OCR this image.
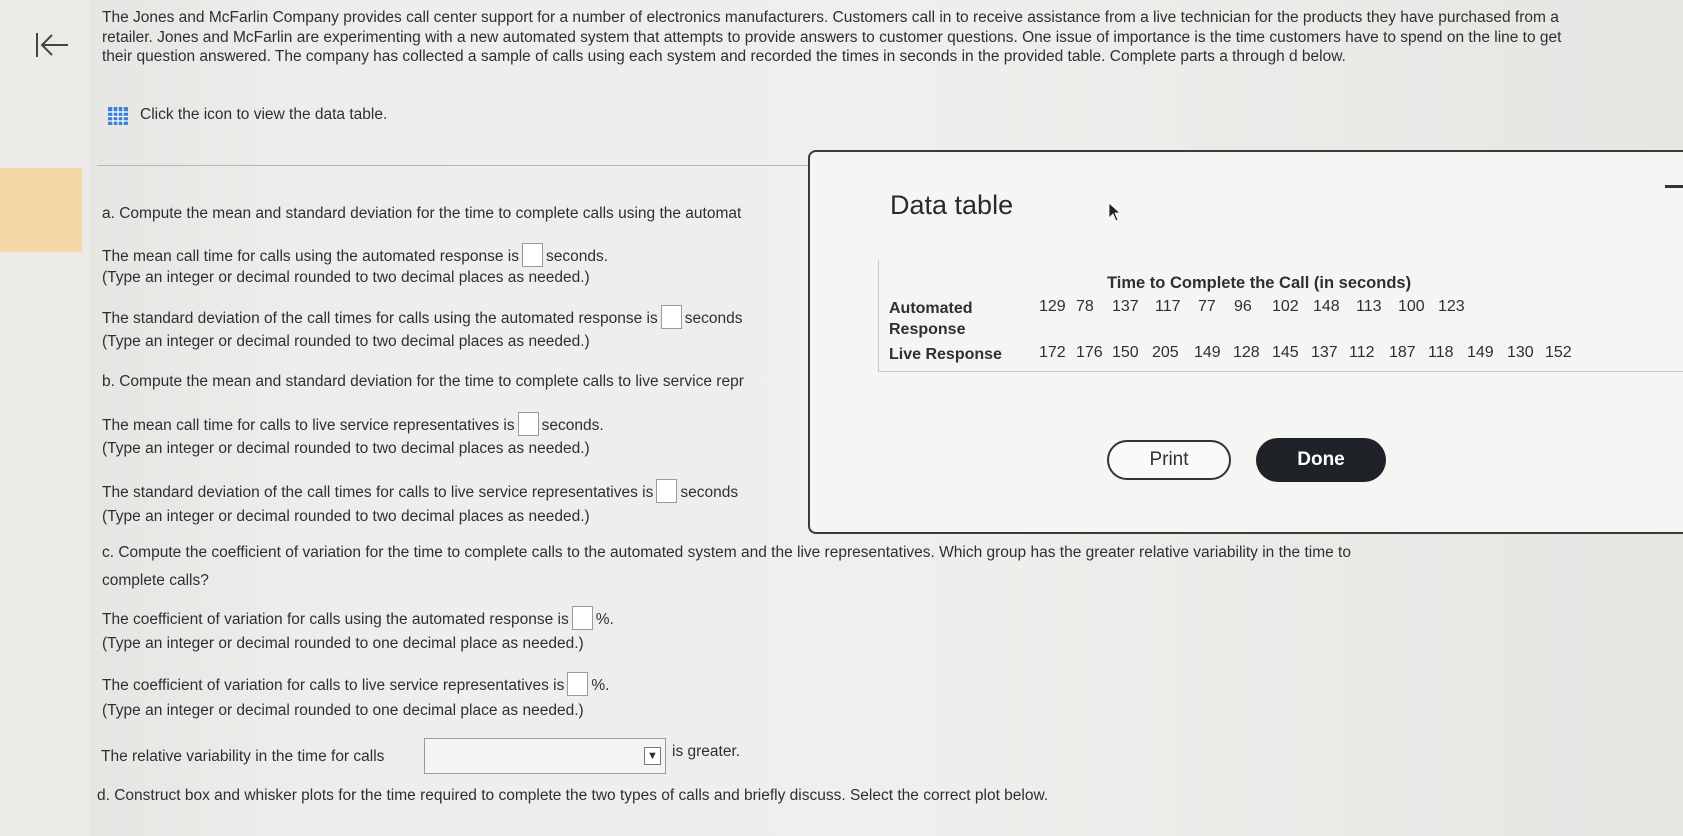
The Jones and McFarlin Company provides call center support for a number of electronics manufacturers. Customers call in to receive assistance from a live technician for the products they have purchased from a retailer. Jones and McFarlin are experimenting with a new automated system that attempts to provide answers to customer questions. One issue of importance is the time customers have to spend on the line to get their question answered. The company has collected a sample of calls using each system and recorded the times in seconds in the provided table. Complete parts a through d below.
Click the icon to view the data table.
a. Compute the mean and standard deviation for the time to complete calls using the automat
The mean call time for calls using the automated response is seconds.
(Type an integer or decimal rounded to two decimal places as needed.)
The standard deviation of the call times for calls using the automated response is seconds
(Type an integer or decimal rounded to two decimal places as needed.)
b. Compute the mean and standard deviation for the time to complete calls to live service repr
The mean call time for calls to live service representatives is seconds.
(Type an integer or decimal rounded to two decimal places as needed.)
The standard deviation of the call times for calls to live service representatives is seconds
(Type an integer or decimal rounded to two decimal places as needed.)
c. Compute the coefficient of variation for the time to complete calls to the automated system and the live representatives. Which group has the greater relative variability in the time to
complete calls?
The coefficient of variation for calls using the automated response is %.
(Type an integer or decimal rounded to one decimal place as needed.)
The coefficient of variation for calls to live service representatives is %.
(Type an integer or decimal rounded to one decimal place as needed.)
The relative variability in the time for calls	▼ is greater.
d. Construct box and whisker plots for the time required to complete the two types of calls and briefly discuss. Select the correct plot below.
Data table
Time to Complete the Call (in seconds)
Automated
Response
Live Response
129 78 137 117 77 96 102 148 113 100 123
172 176 150 205 149 128 145 137 112 187 118 149 130 152
Print	Done
